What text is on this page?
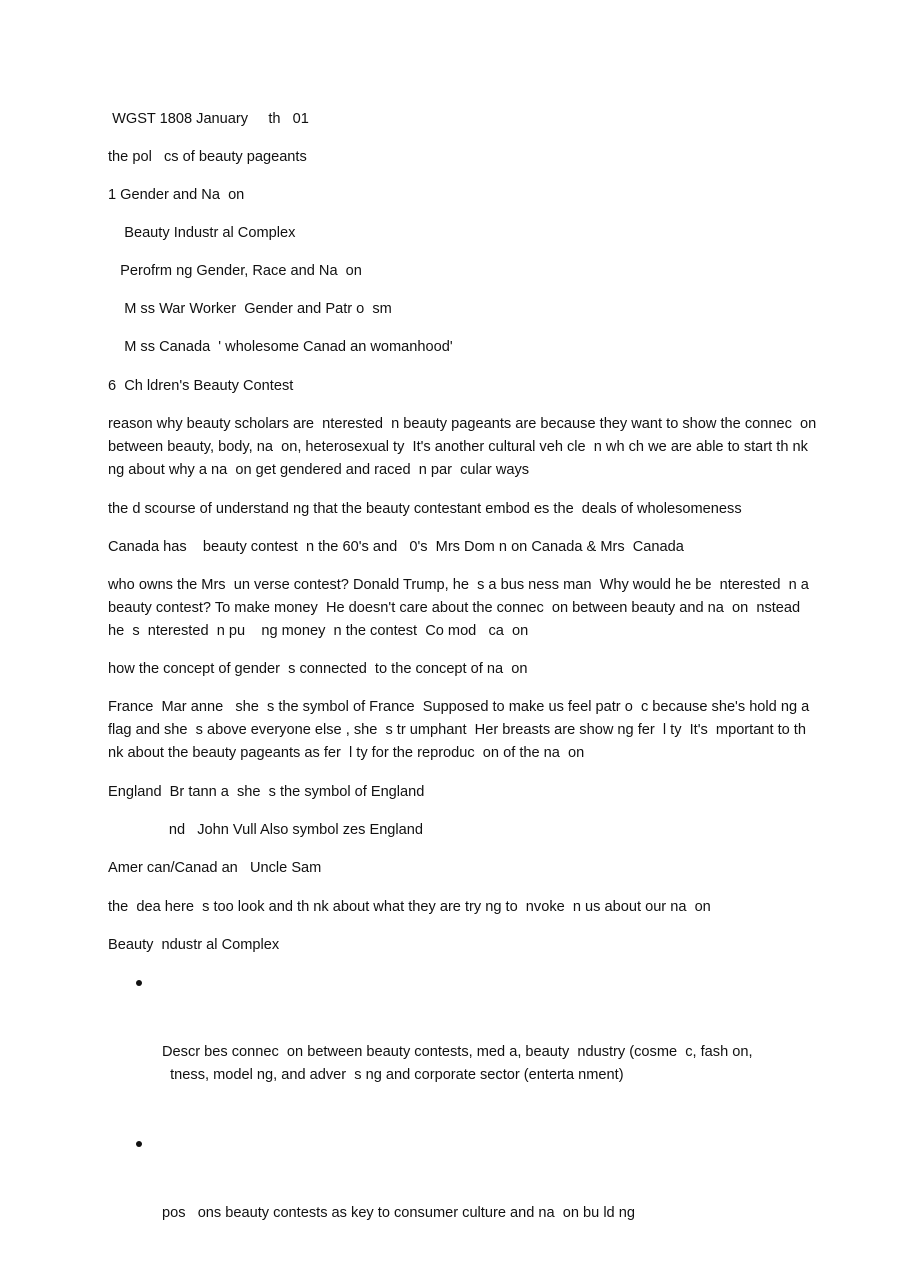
WGST 1808 January     th   01

the pol   cs of beauty pageants

1 Gender and Na  on

Beauty Industr al Complex

Perofrm ng Gender, Race and Na  on

M ss War Worker  Gender and Patr o  sm

M ss Canada  ' wholesome Canad an womanhood'

6  Ch ldren's Beauty Contest

reason why beauty scholars are  nterested  n beauty pageants are because they want to show the connec  on between beauty, body, na  on, heterosexual ty  It's another cultural veh cle  n wh ch we are able to start th nk ng about why a na  on get gendered and raced  n par  cular ways

the d scourse of understand ng that the beauty contestant embod es the  deals of wholesomeness

Canada has    beauty contest  n the 60's and   0's  Mrs Dom n on Canada & Mrs  Canada

who owns the Mrs  un verse contest? Donald Trump, he  s a bus ness man  Why would he be  nterested  n a beauty contest? To make money  He doesn't care about the connec  on between beauty and na  on  nstead he  s  nterested  n pu    ng money  n the contest  Co mod   ca  on

how the concept of gender  s connected  to the concept of na  on

France  Mar anne   she  s the symbol of France  Supposed to make us feel patr o  c because she's hold ng a flag and she  s above everyone else , she  s tr umphant  Her breasts are show ng fer  l ty  It's  mportant to th nk about the beauty pageants as fer  l ty for the reproduc  on of the na  on

England  Br tann a  she  s the symbol of England

nd   John Vull Also symbol zes England

Amer can/Canad an   Uncle Sam

the  dea here  s too look and th nk about what they are try ng to  nvoke  n us about our na  on

Beauty  ndustr al Complex

Descr bes connec  on between beauty contests, med a, beauty  ndustry (cosme  c, fash on,
tness, model ng, and adver  s ng and corporate sector (enterta nment)

pos   ons beauty contests as key to consumer culture and na  on bu ld ng
